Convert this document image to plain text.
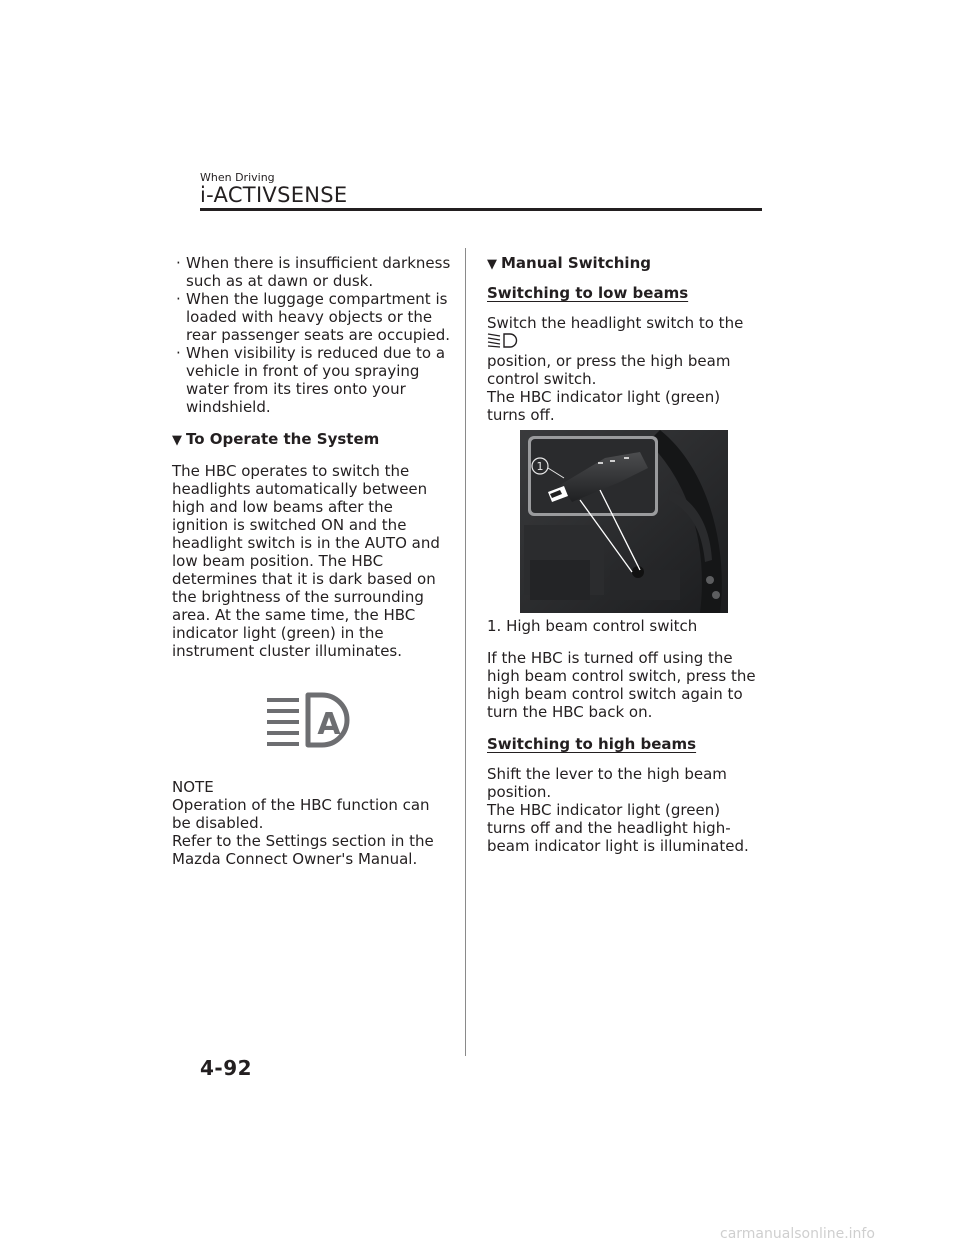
When Driving
i-ACTIVSENSE
· When there is insufficient darkness such as at dawn or dusk.
· When the luggage compartment is loaded with heavy objects or the rear passenger seats are occupied.
· When visibility is reduced due to a vehicle in front of you spraying water from its tires onto your windshield.

▼ To Operate the System

The HBC operates to switch the headlights automatically between high and low beams after the ignition is switched ON and the headlight switch is in the AUTO and low beam position. The HBC determines that it is dark based on the brightness of the surrounding area. At the same time, the HBC indicator light (green) in the instrument cluster illuminates.

A

NOTE

Operation of the HBC function can be disabled.

Refer to the Settings section in the Mazda Connect Owner's Manual.

▼ Manual Switching

Switching to low beams

Switch the headlight switch to the

position, or press the high beam control switch.

The HBC indicator light (green) turns off.

1

1. High beam control switch

If the HBC is turned off using the high beam control switch, press the high beam control switch again to turn the HBC back on.

Switching to high beams

Shift the lever to the high beam position.

The HBC indicator light (green) turns off and the headlight high-beam indicator light is illuminated.

4-92
carmanualsonline.info
